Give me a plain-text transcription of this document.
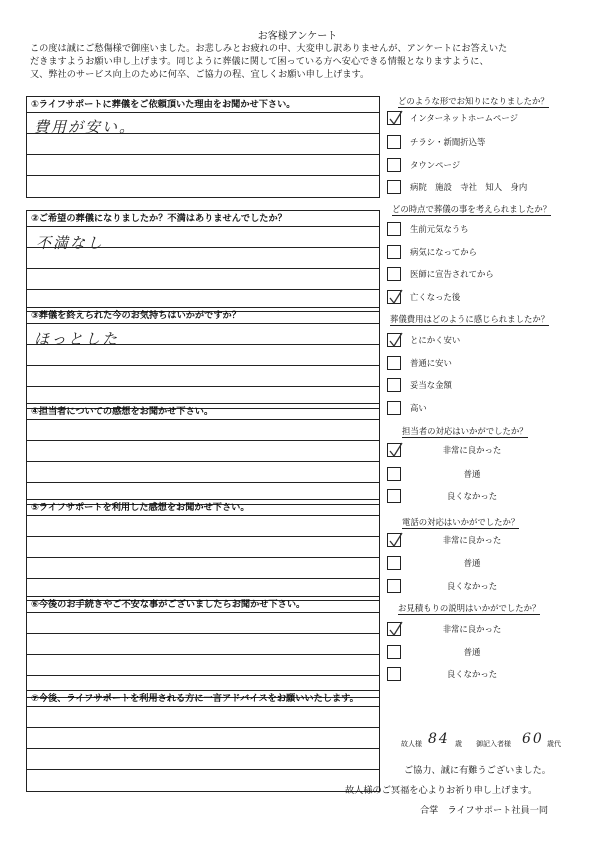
お客様アンケート
この度は誠にご愁傷様で御座いました。お悲しみとお疲れの中、大変申し訳ありませんが、アンケートにお答えいた
だきますようお願い申し上げます。同じように葬儀に関して困っている方へ安心できる情報となりますように、
又、弊社のサービス向上のために何卒、ご協力の程、宜しくお願い申し上げます。
①ライフサポートに葬儀をご依頼頂いた理由をお聞かせ下さい。
費用が安い。
②ご希望の葬儀になりましたか？不満はありませんでしたか？
不満なし
③葬儀を終えられた今のお気持ちはいかがですか？
ほっとした
④担当者についての感想をお聞かせ下さい。
⑤ライフサポートを利用した感想をお聞かせ下さい。
⑥今後のお手続きやご不安な事がございましたらお聞かせ下さい。
⑦今後、ライフサポートを利用される方に一言アドバイスをお願いいたします。
どのような形でお知りになりましたか？
インターネットホームページ
チラシ・新聞折込等
タウンページ
病院　施設　寺社　知人　身内
どの時点で葬儀の事を考えられましたか？
生前元気なうち
病気になってから
医師に宣告されてから
亡くなった後
葬儀費用はどのように感じられましたか？
とにかく安い
普通に安い
妥当な金額
高い
担当者の対応はいかがでしたか？
非常に良かった
普通
良くなかった
電話の対応はいかがでしたか？
非常に良かった
普通
良くなかった
お見積もりの説明はいかがでしたか？
非常に良かった
普通
良くなかった
故人様 84 歳 御記入者様 60 歳代
ご協力、誠に有難うございました。
故人様のご冥福を心よりお祈り申し上げます。
合掌　ライフサポート社員一同
